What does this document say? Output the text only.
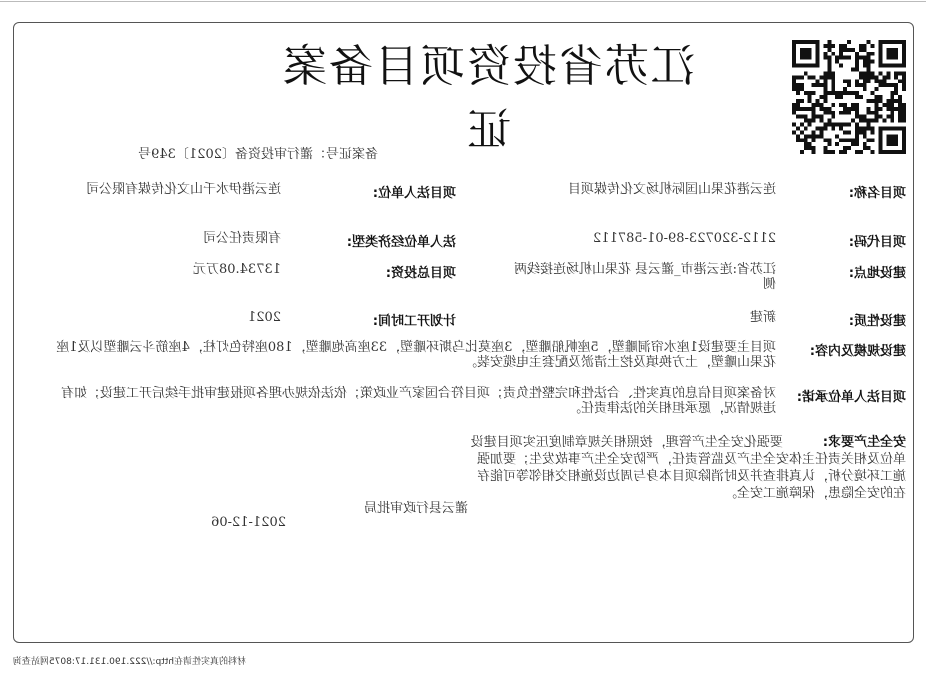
江苏省投资项目备案证
备案证号：灌行审投资备〔2021〕349号
项目名称:
连云港花果山国际机场文化传媒项目
项目法人单位:
连云港伊水千山文化传媒有限公司
项目代码:
2112-320723-89-01-587112
法人单位经济类型:
有限责任公司
建设地点:
江苏省:连云港市_灌云县 花果山机场连接线两侧
项目总投资:
13734.08万元
建设性质:
新建
计划开工时间:
2021
建设规模及内容:
项目主要建设1座水帘洞雕塑，5座帆船雕塑，3座莫比乌斯环雕塑，33座高炮雕塑，180座特色灯柱，4座筋斗云雕塑以及1座花果山雕塑，土方换填及挖土清淤及配套主电缆安装。
项目法人单位承诺:
对备案项目信息的真实性、合法性和完整性负责；项目符合国家产业政策；依法依规办理各项报建审批手续后开工建设；如有违规情况，愿承担相关的法律责任。
安全生产要求:要强化安全生产管理，按照相关规章制度压实项目建设单位及相关责任主体安全生产及监管责任，严防安全生产事故发生；要加强施工环境分析，认真排查并及时消除项目本身与周边设施相交相邻等可能存在的安全隐患，保障施工安全。
灌云县行政审批局
2021-12-06
材料的真实性请在http://222.190.131.17:8075网站查询
